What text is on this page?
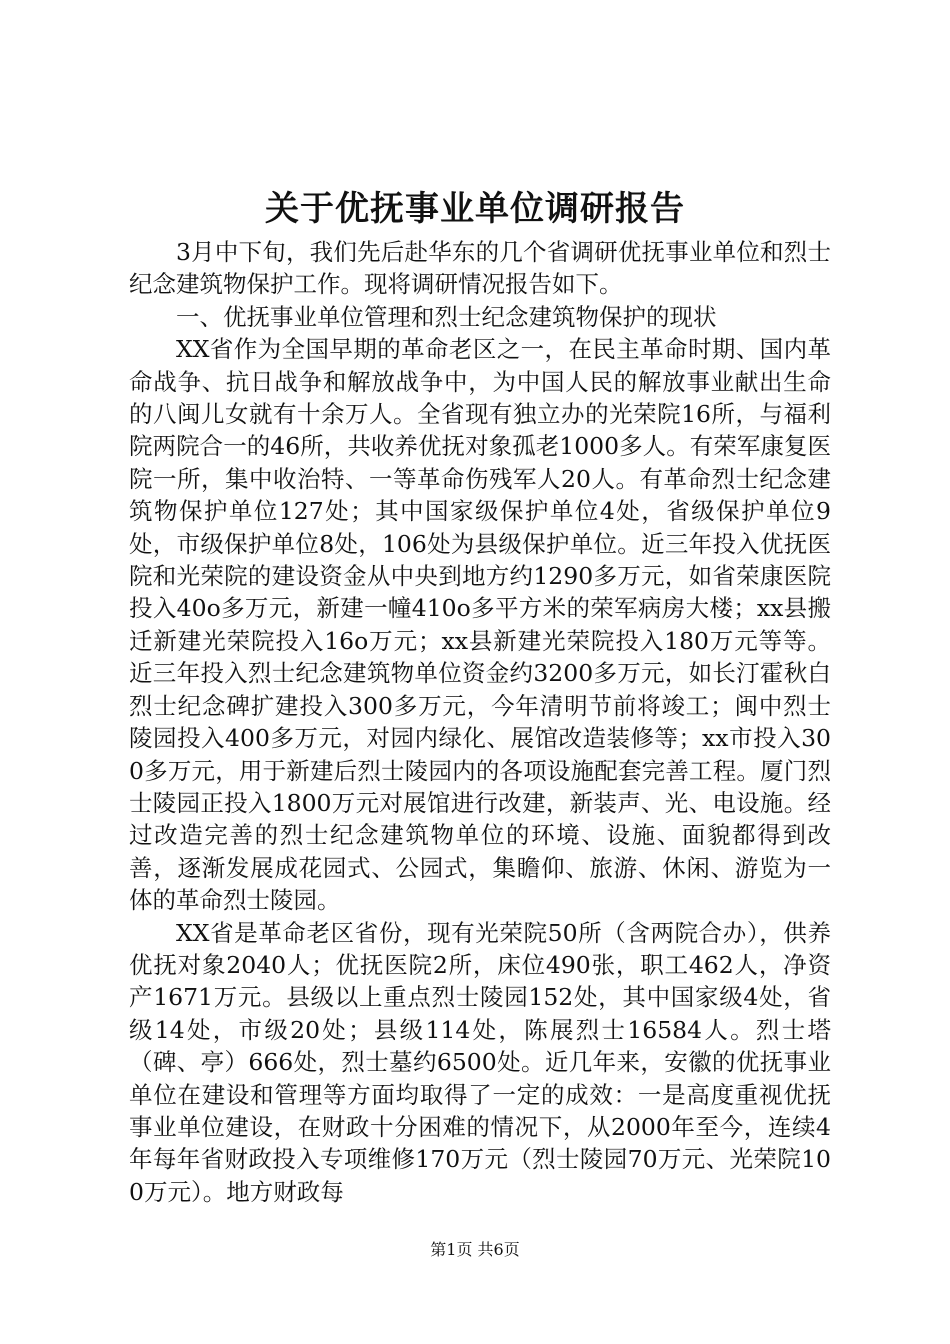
关于优抚事业单位调研报告

3月中下旬，我们先后赴华东的几个省调研优抚事业单位和烈士纪念建筑物保护工作。现将调研情况报告如下。

一、优抚事业单位管理和烈士纪念建筑物保护的现状

XX省作为全国早期的革命老区之一，在民主革命时期、国内革命战争、抗日战争和解放战争中，为中国人民的解放事业献出生命的八闽儿女就有十余万人。全省现有独立办的光荣院16所，与福利院两院合一的46所，共收养优抚对象孤老1000多人。有荣军康复医院一所，集中收治特、一等革命伤残军人20人。有革命烈士纪念建筑物保护单位127处；其中国家级保护单位4处，省级保护单位9处，市级保护单位8处，106处为县级保护单位。近三年投入优抚医院和光荣院的建设资金从中央到地方约1290多万元，如省荣康医院投入40o多万元，新建一幢410o多平方米的荣军病房大楼；xx县搬迁新建光荣院投入16o万元；xx县新建光荣院投入180万元等等。近三年投入烈士纪念建筑物单位资金约3200多万元，如长汀霍秋白烈士纪念碑扩建投入300多万元，今年清明节前将竣工；闽中烈士陵园投入400多万元，对园内绿化、展馆改造装修等；xx市投入300多万元，用于新建后烈士陵园内的各项设施配套完善工程。厦门烈士陵园正投入1800万元对展馆进行改建，新装声、光、电设施。经过改造完善的烈士纪念建筑物单位的环境、设施、面貌都得到改善，逐渐发展成花园式、公园式，集瞻仰、旅游、休闲、游览为一体的革命烈士陵园。

XX省是革命老区省份，现有光荣院50所（含两院合办），供养优抚对象2040人；优抚医院2所，床位490张，职工462人，净资产1671万元。县级以上重点烈士陵园152处，其中国家级4处，省级14处，市级20处；县级114处，陈展烈士16584人。烈士塔（碑、亭）666处，烈士墓约6500处。近几年来，安徽的优抚事业单位在建设和管理等方面均取得了一定的成效：一是高度重视优抚事业单位建设，在财政十分困难的情况下，从2000年至今，连续4年每年省财政投入专项维修170万元（烈士陵园70万元、光荣院100万元）。地方财政每

第1页 共6页
